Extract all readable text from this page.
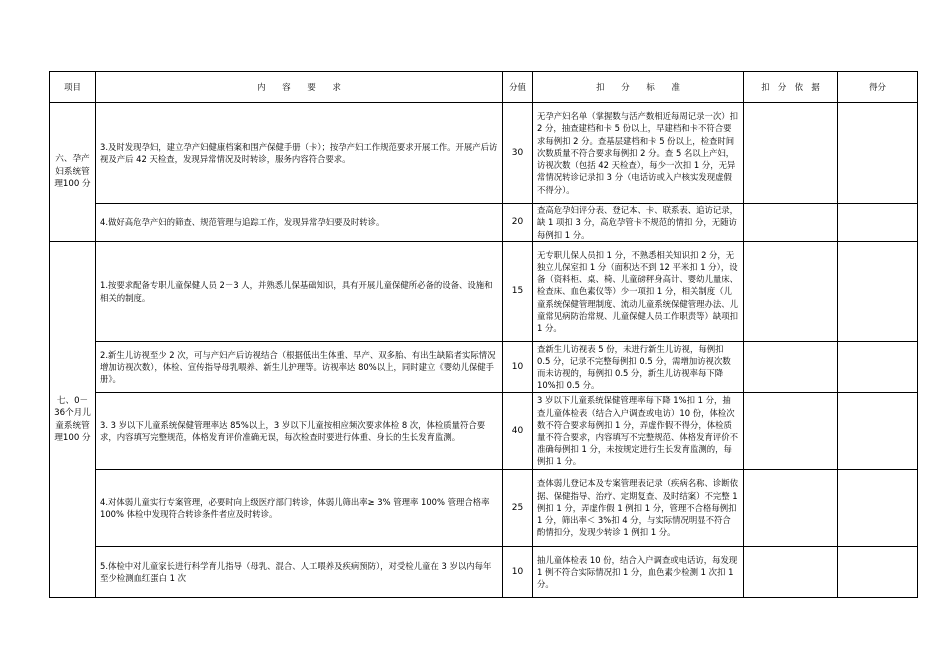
项目	内　　容　　要　　求	分值	扣　　分　　标　　准	扣　分　依　据	得分
六、孕产妇系统管理100 分	3.及时发现孕妇，建立孕产妇健康档案和围产保健手册（卡）；按孕产妇工作规范要求开展工作。开展产后访视及产后 42 天检查，发现异常情况及时转诊，服务内容符合要求。	30	无孕产妇名单（掌握数与活产数相近每周记录一次）扣 2 分，抽查建档和卡 5 份以上，早建档和卡不符合要求每例扣 2 分。查基层建档和卡 5 份以上，检查时间次数质量不符合要求每例扣 2 分。查 5 名以上产妇，访视次数（包括 42 天检查），每少一次扣 1 分，无异常情况转诊记录扣 3 分（电话访或入户核实发现虚假不得分）。		
	4.做好高危孕产妇的筛查、规范管理与追踪工作，发现异常孕妇要及时转诊。	20	查高危孕妇评分表、登记本、卡、联系表、追访记录，缺 1 项扣 3 分，高危孕管卡不规范的情扣 分，无随访每例扣 1 分。		
七、0－36个月儿童系统管理100 分	1.按要求配备专职儿童保健人员 2－3 人，并熟悉儿保基础知识，具有开展儿童保健所必备的设备、设施和相关的制度。	15	无专职儿保人员扣 1 分，不熟悉相关知识扣 2 分，无独立儿保室扣 1 分（面积达不到 12 平米扣 1 分），设备（资料柜、桌、椅、儿童磅秤身高计、婴幼儿量床、检查床、血色素仪等）少一项扣 1 分，相关制度（儿童系统保健管理制度、流动儿童系统保健管理办法、儿童常见病防治常规、儿童保健人员工作职责等）缺项扣 1 分。		
	2.新生儿访视至少 2 次，可与产妇产后访视结合（根据低出生体重、早产、双多胎、有出生缺陷者实际情况增加访视次数），体检、宣传指导母乳喂养、新生儿护理等。访视率达 80%以上，同时建立《婴幼儿保健手册》。	10	查新生儿访视表 5 份，未进行新生儿访视，每例扣 0.5 分，记录不完整每例扣 0.5 分，需增加访视次数而未访视的，每例扣 0.5 分，新生儿访视率每下降 10%扣 0.5 分。		
	3. 3 岁以下儿童系统保健管理率达 85%以上，3 岁以下儿童按相应频次要求体检 8 次，体检质量符合要求，内容填写完整规范，体格发育评价准确无误，每次检查时要进行体重、身长的生长发育监测。	40	3 岁以下儿童系统保健管理率每下降 1%扣 1 分，抽查儿童体检表（结合入户调查或电访）10 份，体检次数不符合要求每例扣 1 分，弄虚作假不得分，体检质量不符合要求，内容填写不完整规范、体格发育评价不准确每例扣 1 分，未按规定进行生长发育监测的，每例扣 1 分。		
	4.对体弱儿童实行专案管理，必要时向上级医疗部门转诊，体弱儿筛出率≥ 3% 管理率 100% 管理合格率 100% 体检中发现符合转诊条件者应及时转诊。	25	查体弱儿登记本及专案管理表记录（疾病名称、诊断依据、保健指导、治疗、定期复查、及时结案）不完整 1 例扣 1 分，弄虚作假 1 例扣 1 分，管理不合格每例扣 1 分，筛出率＜ 3%扣 4 分，与实际情况明显不符合酌情扣分，发现少转诊 1 例扣 1 分。		
	5.体检中对儿童家长进行科学育儿指导（母乳、混合、人工喂养及疾病预防），对受检儿童在 3 岁以内每年至少检测血红蛋白 1 次	10	抽儿童体检表 10 份，结合入户调查或电话访，每发现 1 例不符合实际情况扣 1 分，血色素少检测 1 次扣 1 分。		
